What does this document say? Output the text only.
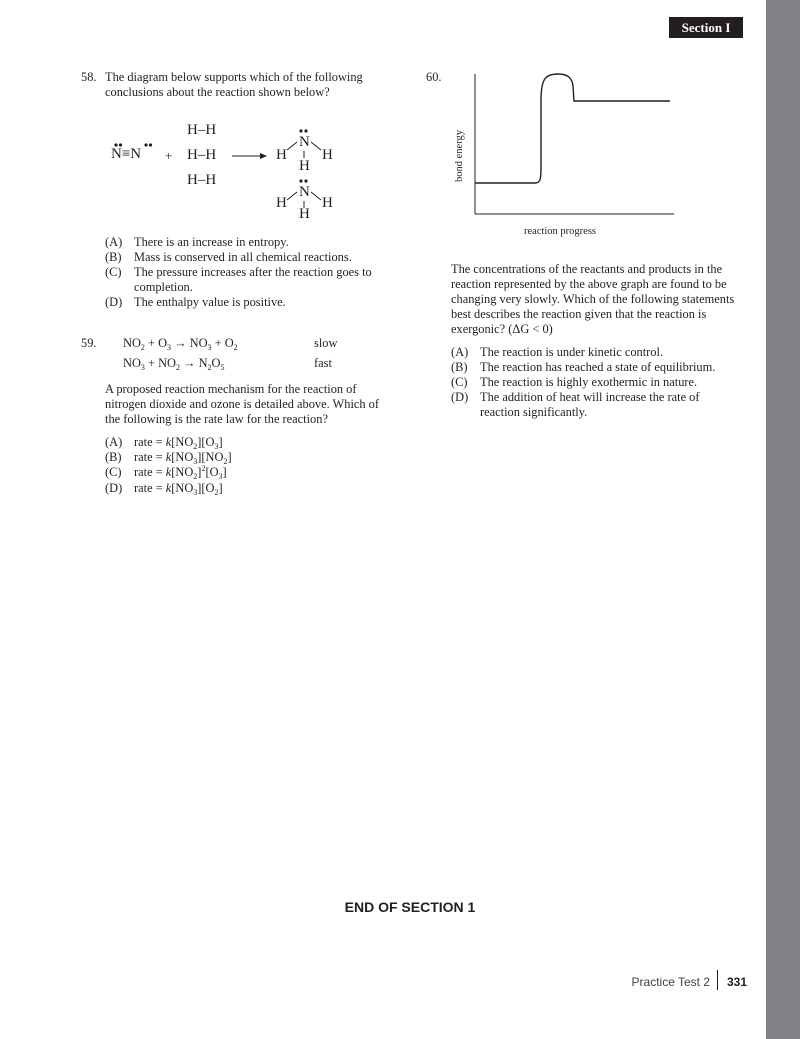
Section I
58. The diagram below supports which of the following
conclusions about the reaction shown below?
N≡N +
H–H
H–H
H–H
N
H H
H
N
H H
H
(A) There is an increase in entropy.
(B) Mass is conserved in all chemical reactions.
(C) The pressure increases after the reaction goes to
completion.
(D) The enthalpy value is positive.
59. $NO_2 + O_3 \to NO_3 + O_2$	slow
$NO_3 + NO_2 \to N_2O_5$	fast
A proposed reaction mechanism for the reaction of
nitrogen dioxide and ozone is detailed above. Which of
the following is the rate law for the reaction?
(A) rate = $k[NO_2][O_3]$
(B) rate = $k[NO_3][NO_2]$
(C) rate = $k[NO_2]^2[O_3]$
(D) rate = $k[NO_3][O_2]$
60.
bond energy
reaction progress
The concentrations of the reactants and products in the
reaction represented by the above graph are found to be
changing very slowly. Which of the following statements
best describes the reaction given that the reaction is
exergonic? (ΔG < 0)
(A) The reaction is under kinetic control.
(B) The reaction has reached a state of equilibrium.
(C) The reaction is highly exothermic in nature.
(D) The addition of heat will increase the rate of
reaction significantly.
END OF SECTION 1
Practice Test 2 331
